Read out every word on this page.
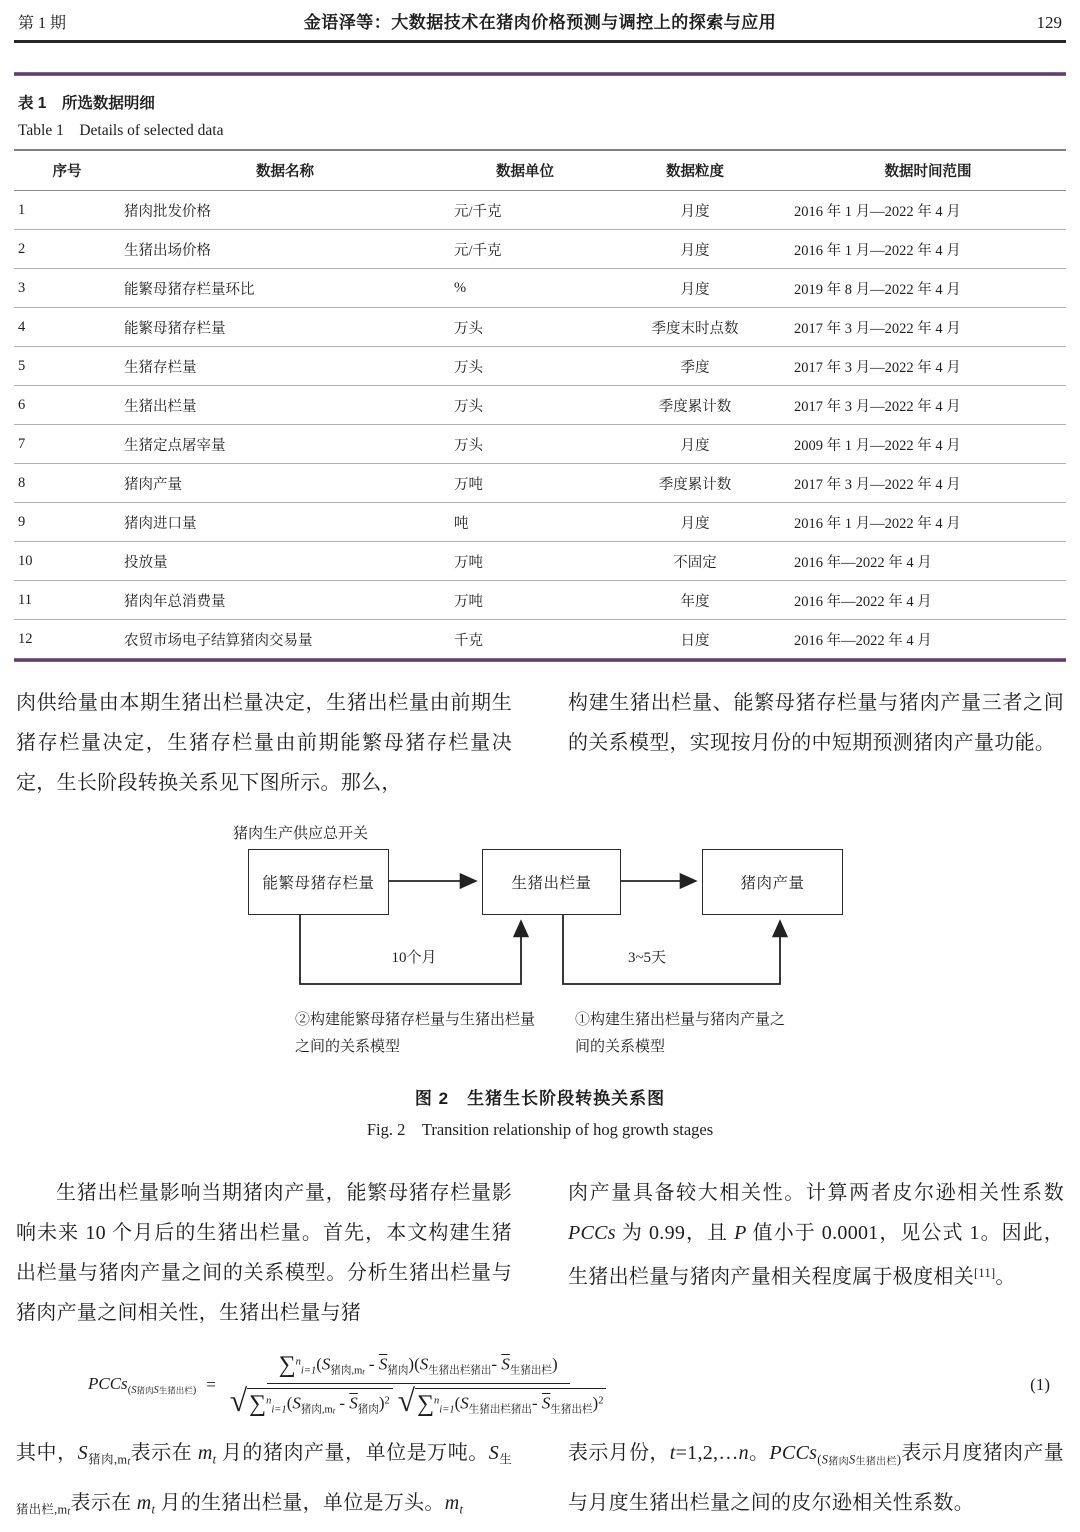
第 1 期	金语泽等：大数据技术在猪肉价格预测与调控上的探索与应用	129
表 1　所选数据明细
Table 1　Details of selected data
序号	数据名称	数据单位	数据粒度	数据时间范围
1	猪肉批发价格	元/千克	月度	2016 年 1 月—2022 年 4 月
2	生猪出场价格	元/千克	月度	2016 年 1 月—2022 年 4 月
3	能繁母猪存栏量环比	%	月度	2019 年 8 月—2022 年 4 月
4	能繁母猪存栏量	万头	季度末时点数	2017 年 3 月—2022 年 4 月
5	生猪存栏量	万头	季度	2017 年 3 月—2022 年 4 月
6	生猪出栏量	万头	季度累计数	2017 年 3 月—2022 年 4 月
7	生猪定点屠宰量	万头	月度	2009 年 1 月—2022 年 4 月
8	猪肉产量	万吨	季度累计数	2017 年 3 月—2022 年 4 月
9	猪肉进口量	吨	月度	2016 年 1 月—2022 年 4 月
10	投放量	万吨	不固定	2016 年—2022 年 4 月
11	猪肉年总消费量	万吨	年度	2016 年—2022 年 4 月
12	农贸市场电子结算猪肉交易量	千克	日度	2016 年—2022 年 4 月
肉供给量由本期生猪出栏量决定，生猪出栏量由前期生猪存栏量决定，生猪存栏量由前期能繁母猪存栏量决定，生长阶段转换关系见下图所示。那么，
构建生猪出栏量、能繁母猪存栏量与猪肉产量三者之间的关系模型，实现按月份的中短期预测猪肉产量功能。
猪肉生产供应总开关
能繁母猪存栏量	生猪出栏量	猪肉产量
10个月	3~5天
②构建能繁母猪存栏量与生猪出栏量之间的关系模型
①构建生猪出栏量与猪肉产量之间的关系模型
图 2　生猪生长阶段转换关系图
Fig. 2　Transition relationship of hog growth stages
生猪出栏量影响当期猪肉产量，能繁母猪存栏量影响未来 10 个月后的生猪出栏量。首先，本文构建生猪出栏量与猪肉产量之间的关系模型。分析生猪出栏量与猪肉产量之间相关性，生猪出栏量与猪
肉产量具备较大相关性。计算两者皮尔逊相关性系数 PCCs 为 0.99，且 P 值小于 0.0001，见公式 1。因此，生猪出栏量与猪肉产量相关程度属于极度相关[11]。
PCCs$_{(S猪肉S生猪出栏)}$ =
$\sum^n_{i=1}(S_{猪肉,mt} - \overline{S}_{猪肉})(S_{生猪出栏猪出}-$ $\overline{S}_{生猪出栏}$)
√ $\sum^n_{i=1}(S_{猪肉,mt} - \overline{S}_{猪肉})^2$ √ $\sum^n_{i=1}(S_{生猪出栏猪出}-$ $\overline{S}_{生猪出栏})^2$
(1)
其中，$S_{猪肉,mt}$表示在 $m_t$ 月的猪肉产量，单位是万吨。$S_{生猪出栏,mt}$表示在 $m_t$ 月的生猪出栏量，单位是万头。$m_t$
表示月份，t=1,2,…n。PCCs$_{(S猪肉S生猪出栏)}$表示月度猪肉产量与月度生猪出栏量之间的皮尔逊相关性系数。
